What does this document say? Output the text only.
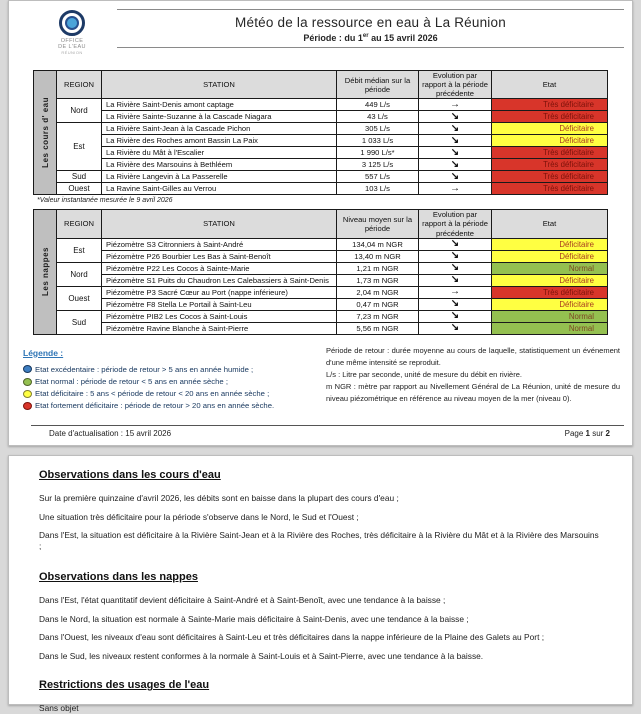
OFFICE
DE L'EAU
RÉUNION
Météo de la ressource en eau à La Réunion
Période : du 1er au 15 avril 2026
Les cours d' eau	REGION	STATION	Débit médian sur la période	Evolution par rapport à la période précédente	Etat
	Nord	La Rivière Saint-Denis amont captage	449 L/s	→	Très déficitaire
		La Rivière Sainte-Suzanne à la Cascade Niagara	43 L/s	↘	Très déficitaire
	Est	La Rivière Saint-Jean à la Cascade Pichon	305 L/s	↘	Déficitaire
		La Rivière des Roches amont Bassin La Paix	1 033 L/s	↘	Déficitaire
		La Rivière du Mât à l'Escalier	1 990 L/s*	↘	Très déficitaire
		La Rivière des Marsouins à Bethléem	3 125 L/s	↘	Très déficitaire
	Sud	La Rivière Langevin à La Passerelle	557 L/s	↘	Très déficitaire
	Ouest	La Ravine Saint-Gilles au Verrou	103 L/s	→	Très déficitaire
*Valeur instantanée mesurée le 9 avril 2026
Les nappes	REGION	STATION	Niveau moyen sur la période	Evolution par rapport à la période précédente	Etat
	Est	Piézomètre S3 Citronniers à Saint-André	134,04 m NGR	↘	Déficitaire
		Piézomètre P26 Bourbier Les Bas à Saint-Benoît	13,40 m NGR	↘	Déficitaire
	Nord	Piézomètre P22 Les Cocos à Sainte-Marie	1,21 m NGR	↘	Normal
		Piézomètre S1 Puits du Chaudron Les Calebassiers à Saint-Denis	1,73 m NGR	↘	Déficitaire
	Ouest	Piézomètre P3 Sacré Cœur au Port (nappe inférieure)	2,04 m NGR	→	Très déficitaire
		Piézomètre F8 Stella Le Portail à Saint-Leu	0,47 m NGR	↘	Déficitaire
	Sud	Piézomètre PIB2 Les Cocos à Saint-Louis	7,23 m NGR	↘	Normal
		Piézomètre Ravine Blanche à Saint-Pierre	5,56 m NGR	↘	Normal
Légende :
Etat excédentaire : période de retour > 5 ans en année humide ;
Etat normal : période de retour < 5 ans en année sèche ;
Etat déficitaire : 5 ans < période de retour < 20 ans en année sèche ;
Etat fortement déficitaire : période de retour > 20 ans en année sèche.

Période de retour : durée moyenne au cours de laquelle, statistiquement un événement d'une même intensité se reproduit.

L/s : Litre par seconde, unité de mesure du débit en rivière.

m NGR : mètre par rapport au Nivellement Général de La Réunion, unité de mesure du niveau piézométrique en référence au niveau moyen de la mer (niveau 0).

Date d'actualisation : 15 avril 2026	Page 1 sur 2
Observations dans les cours d'eau

Sur la première quinzaine d'avril 2026, les débits sont en baisse dans la plupart des cours d'eau ;

Une situation très déficitaire pour la période s'observe dans le Nord, le Sud et l'Ouest ;

Dans l'Est, la situation est déficitaire à la Rivière Saint-Jean et à la Rivière des Roches, très déficitaire à la Rivière du Mât et à la Rivière des Marsouins ;

Observations dans les nappes

Dans l'Est, l'état quantitatif devient déficitaire à Saint-André et à Saint-Benoît, avec une tendance à la baisse ;

Dans le Nord, la situation est normale à Sainte-Marie mais déficitaire à Saint-Denis, avec une tendance à la baisse ;

Dans l'Ouest, les niveaux d'eau sont déficitaires à Saint-Leu et très déficitaires dans la nappe inférieure de la Plaine des Galets au Port ;

Dans le Sud, les niveaux restent conformes à la normale à Saint-Louis et à Saint-Pierre, avec une tendance à la baisse.

Restrictions des usages de l'eau

Sans objet
